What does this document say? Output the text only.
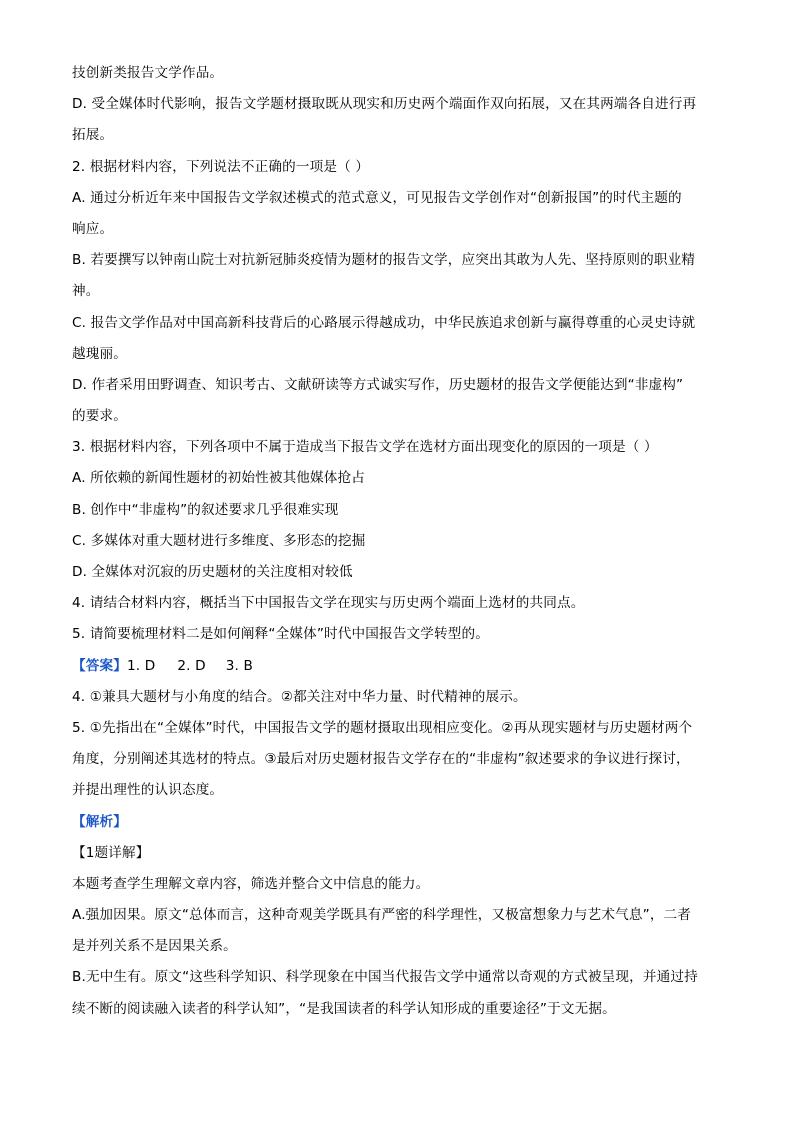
技创新类报告文学作品。
D. 受全媒体时代影响，报告文学题材摄取既从现实和历史两个端面作双向拓展，又在其两端各自进行再
拓展。
2. 根据材料内容，下列说法不正确的一项是（ ）
A. 通过分析近年来中国报告文学叙述模式的范式意义，可见报告文学创作对“创新报国”的时代主题的
响应。
B. 若要撰写以钟南山院士对抗新冠肺炎疫情为题材的报告文学，应突出其敢为人先、坚持原则的职业精
神。
C. 报告文学作品对中国高新科技背后的心路展示得越成功，中华民族追求创新与赢得尊重的心灵史诗就
越瑰丽。
D. 作者采用田野调查、知识考古、文献研读等方式诚实写作，历史题材的报告文学便能达到“非虚构”
的要求。
3. 根据材料内容，下列各项中不属于造成当下报告文学在选材方面出现变化的原因的一项是（ ）
A. 所依赖的新闻性题材的初始性被其他媒体抢占
B. 创作中“非虚构”的叙述要求几乎很难实现
C. 多媒体对重大题材进行多维度、多形态的挖掘
D. 全媒体对沉寂的历史题材的关注度相对较低
4. 请结合材料内容，概括当下中国报告文学在现实与历史两个端面上选材的共同点。
5. 请简要梳理材料二是如何阐释“全媒体”时代中国报告文学转型的。
【答案】1. D 2. D 3. B
4. ①兼具大题材与小角度的结合。②都关注对中华力量、时代精神的展示。
5. ①先指出在“全媒体”时代，中国报告文学的题材摄取出现相应变化。②再从现实题材与历史题材两个
角度，分别阐述其选材的特点。③最后对历史题材报告文学存在的“非虚构”叙述要求的争议进行探讨，
并提出理性的认识态度。
【解析】
【1题详解】
本题考查学生理解文章内容，筛选并整合文中信息的能力。
A.强加因果。原文“总体而言，这种奇观美学既具有严密的科学理性，又极富想象力与艺术气息”，二者
是并列关系不是因果关系。
B.无中生有。原文“这些科学知识、科学现象在中国当代报告文学中通常以奇观的方式被呈现，并通过持
续不断的阅读融入读者的科学认知”，“是我国读者的科学认知形成的重要途径”于文无据。
